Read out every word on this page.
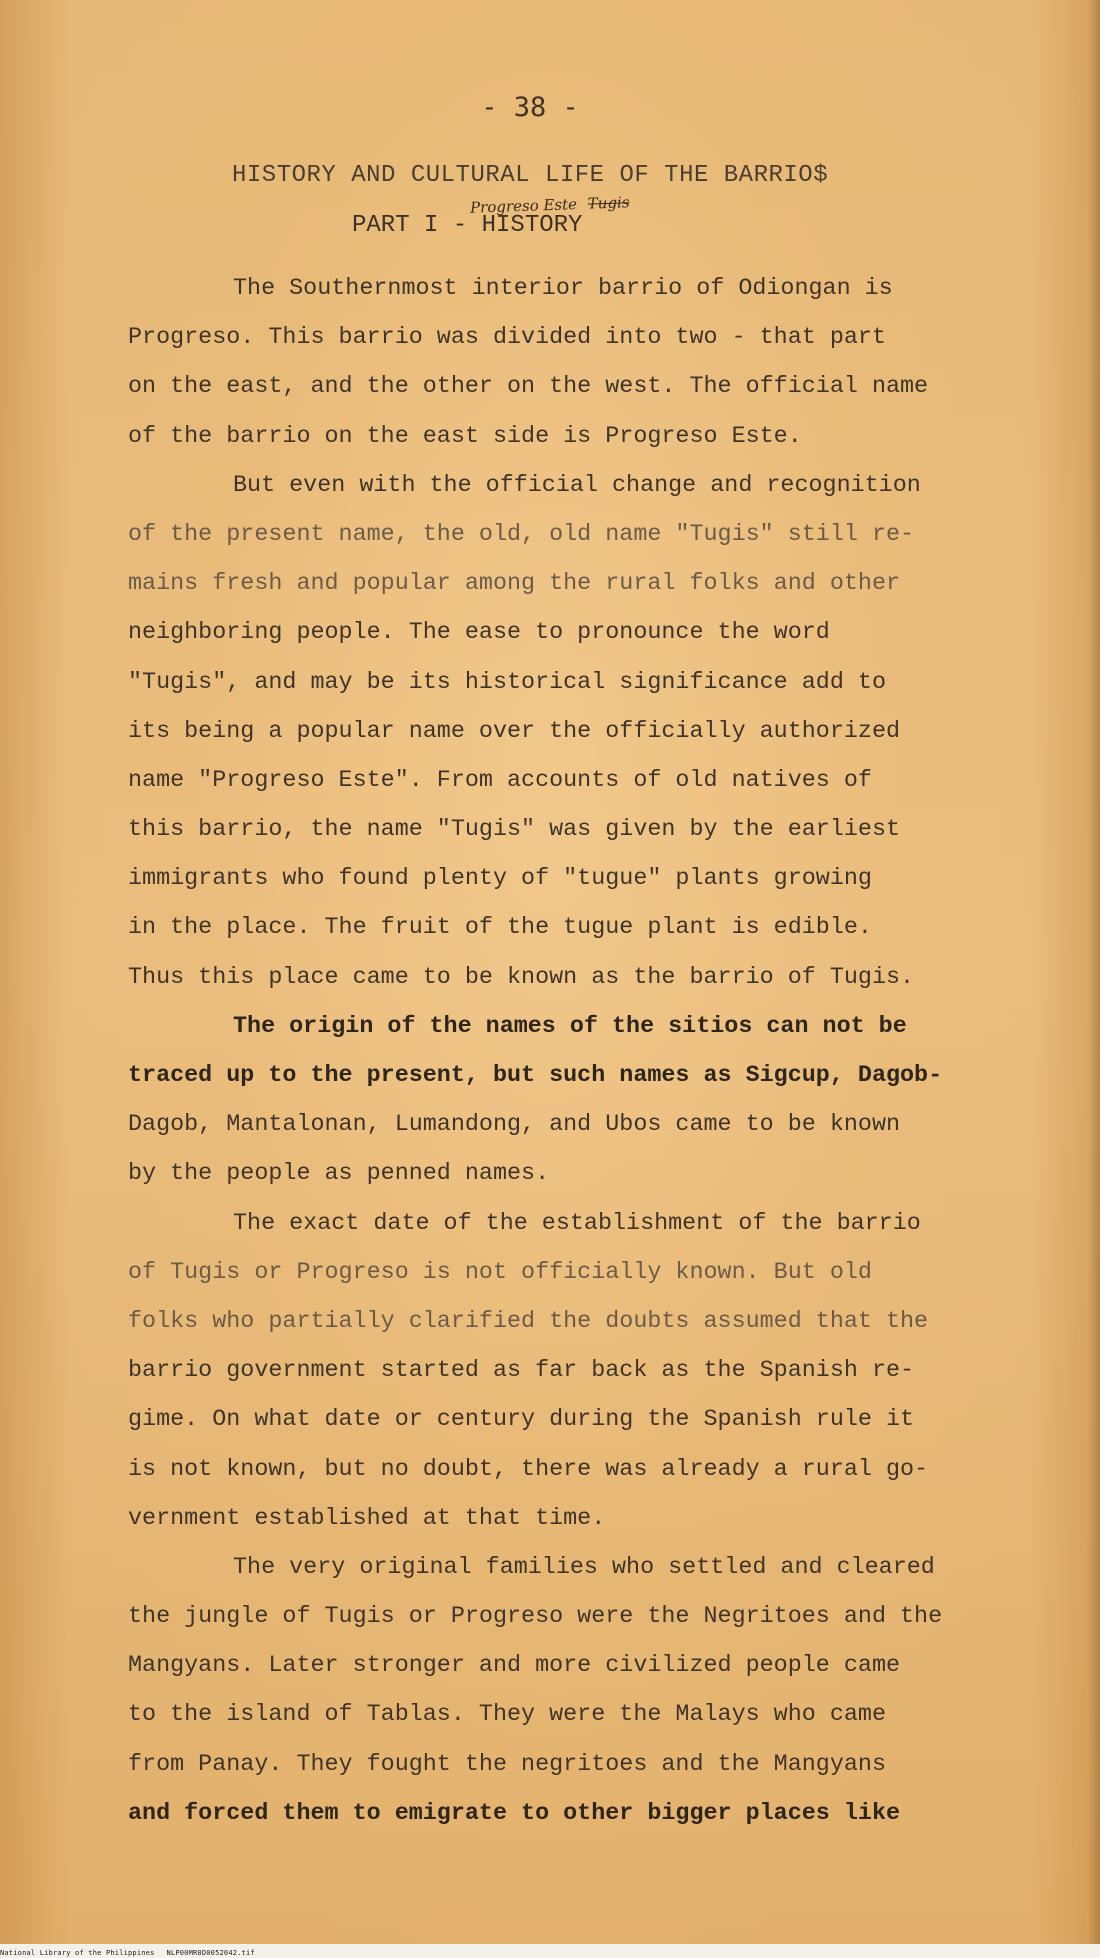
- 38 -
HISTORY AND CULTURAL LIFE OF THE BARRIO$
Progreso Este Tugis
PART I - HISTORY
The Southernmost interior barrio of Odiongan is
Progreso. This barrio was divided into two - that part
on the east, and the other on the west. The official name
of the barrio on the east side is Progreso Este.
But even with the official change and recognition
of the present name, the old, old name "Tugis" still re-
mains fresh and popular among the rural folks and other
neighboring people. The ease to pronounce the word
"Tugis", and may be its historical significance add to
its being a popular name over the officially authorized
name "Progreso Este". From accounts of old natives of
this barrio, the name "Tugis" was given by the earliest
immigrants who found plenty of "tugue" plants growing
in the place. The fruit of the tugue plant is edible.
Thus this place came to be known as the barrio of Tugis.
The origin of the names of the sitios can not be
traced up to the present, but such names as Sigcup, Dagob-
Dagob, Mantalonan, Lumandong, and Ubos came to be known
by the people as penned names.
The exact date of the establishment of the barrio
of Tugis or Progreso is not officially known. But old
folks who partially clarified the doubts assumed that the
barrio government started as far back as the Spanish re-
gime. On what date or century during the Spanish rule it
is not known, but no doubt, there was already a rural go-
vernment established at that time.
The very original families who settled and cleared
the jungle of Tugis or Progreso were the Negritoes and the
Mangyans. Later stronger and more civilized people came
to the island of Tablas. They were the Malays who came
from Panay. They fought the negritoes and the Mangyans
and forced them to emigrate to other bigger places like
National Library of the Philippines NLP00MR0D0052042.tif
